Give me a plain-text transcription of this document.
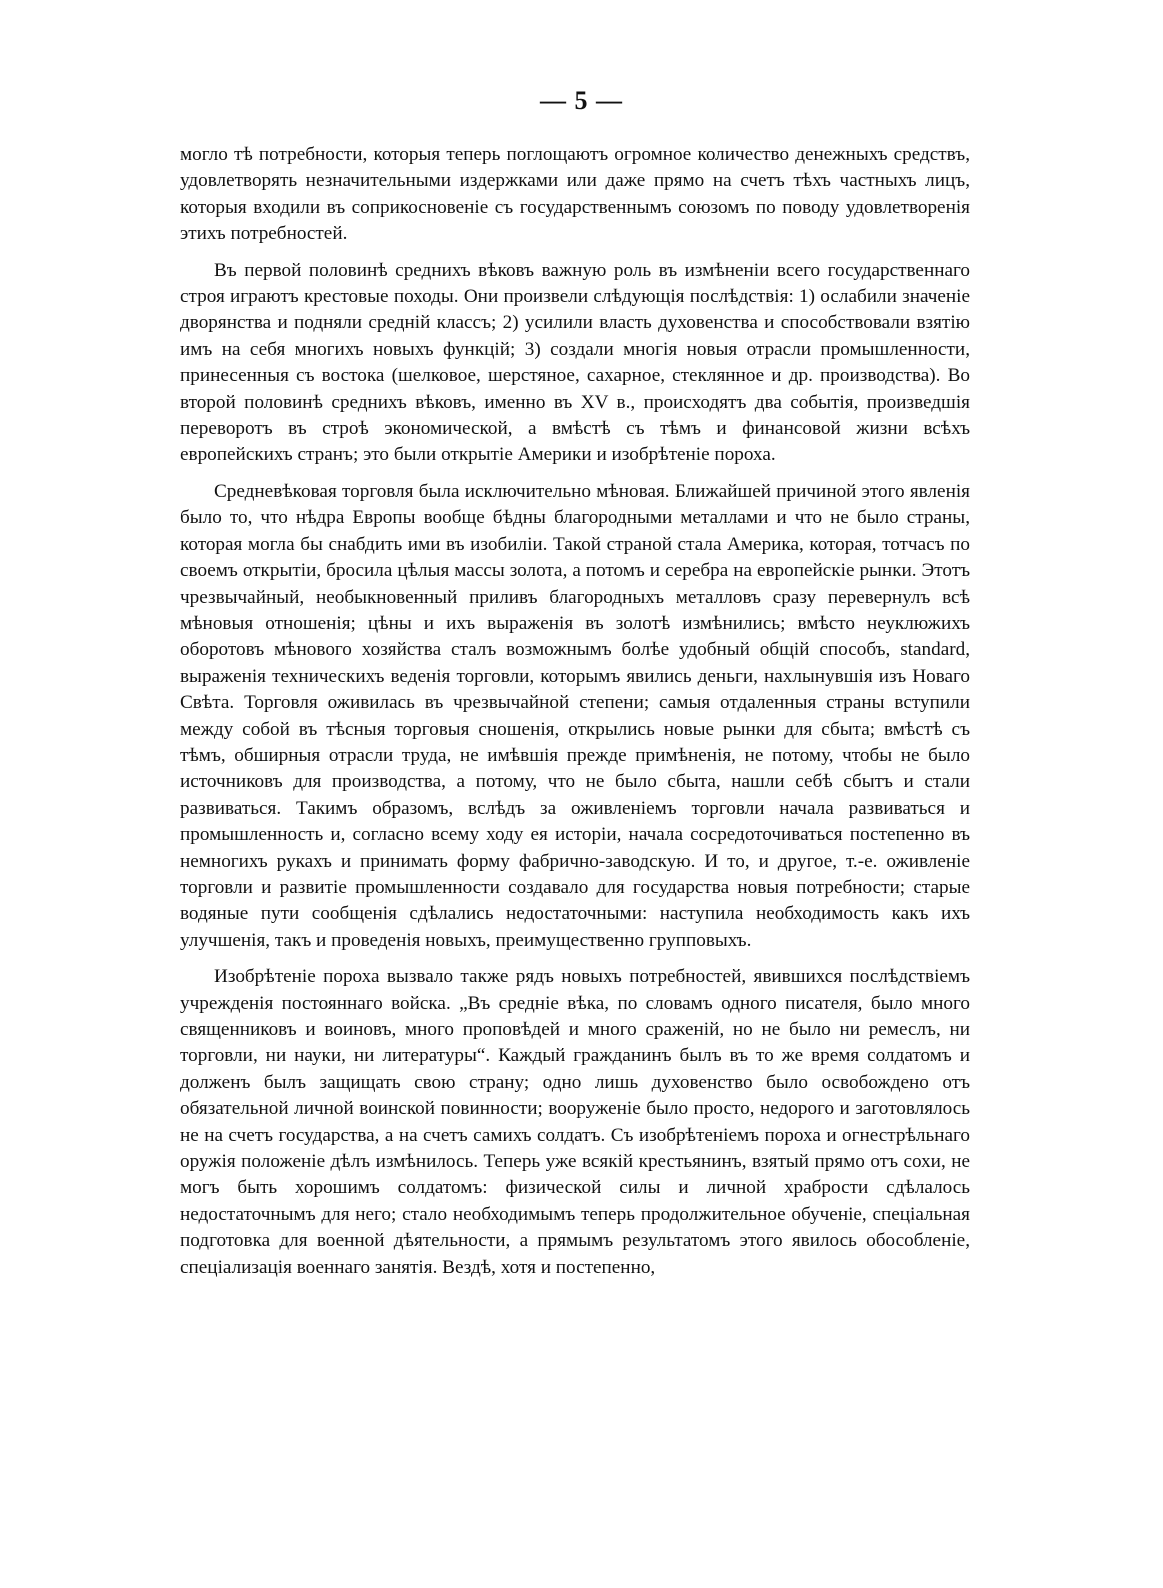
— 5 —

могло тѣ потребности, которыя теперь поглощаютъ огромное количество денежныхъ средствъ, удовлетворять незначительными издержками или даже прямо на счетъ тѣхъ частныхъ лицъ, которыя входили въ соприкосновеніе съ государственнымъ союзомъ по поводу удовлетворенія этихъ потребностей.

Въ первой половинѣ среднихъ вѣковъ важную роль въ измѣненіи всего государственнаго строя играютъ крестовые походы. Они произвели слѣдующія послѣдствія: 1) ослабили значеніе дворянства и подняли средній классъ; 2) усилили власть духовенства и способствовали взятію имъ на себя многихъ новыхъ функцій; 3) создали многія новыя отрасли промышленности, принесенныя съ востока (шелковое, шерстяное, сахарное, стеклянное и др. производства). Во второй половинѣ среднихъ вѣковъ, именно въ XV в., происходятъ два событія, произведшія переворотъ въ строѣ экономической, а вмѣстѣ съ тѣмъ и финансовой жизни всѣхъ европейскихъ странъ; это были открытіе Америки и изобрѣтеніе пороха.

Средневѣковая торговля была исключительно мѣновая. Ближайшей причиной этого явленія было то, что нѣдра Европы вообще бѣдны благородными металлами и что не было страны, которая могла бы снабдить ими въ изобиліи. Такой страной стала Америка, которая, тотчасъ по своемъ открытіи, бросила цѣлыя массы золота, а потомъ и серебра на европейскіе рынки. Этотъ чрезвычайный, необыкновенный приливъ благородныхъ металловъ сразу перевернулъ всѣ мѣновыя отношенія; цѣны и ихъ выраженія въ золотѣ измѣнились; вмѣсто неуклюжихъ оборотовъ мѣнового хозяйства сталъ возможнымъ болѣе удобный общій способъ, standard, выраженія техническихъ веденія торговли, которымъ явились деньги, нахлынувшія изъ Новаго Свѣта. Торговля оживилась въ чрезвычайной степени; самыя отдаленныя страны вступили между собой въ тѣсныя торговыя сношенія, открылись новые рынки для сбыта; вмѣстѣ съ тѣмъ, обширныя отрасли труда, не имѣвшія прежде примѣненія, не потому, чтобы не было источниковъ для производства, а потому, что не было сбыта, нашли себѣ сбытъ и стали развиваться. Такимъ образомъ, вслѣдъ за оживленіемъ торговли начала развиваться и промышленность и, согласно всему ходу ея исторіи, начала сосредоточиваться постепенно въ немногихъ рукахъ и принимать форму фабрично-заводскую. И то, и другое, т.-е. оживленіе торговли и развитіе промышленности создавало для государства новыя потребности; старые водяные пути сообщенія сдѣлались недостаточными: наступила необходимость какъ ихъ улучшенія, такъ и проведенія новыхъ, преимущественно групповыхъ.

Изобрѣтеніе пороха вызвало также рядъ новыхъ потребностей, явившихся послѣдствіемъ учрежденія постояннаго войска. „Въ средніе вѣка, по словамъ одного писателя, было много священниковъ и воиновъ, много проповѣдей и много сраженій, но не было ни ремеслъ, ни торговли, ни науки, ни литературы“. Каждый гражданинъ былъ въ то же время солдатомъ и долженъ былъ защищать свою страну; одно лишь духовенство было освобождено отъ обязательной личной воинской повинности; вооруженіе было просто, недорого и заготовлялось не на счетъ государства, а на счетъ самихъ солдатъ. Съ изобрѣтеніемъ пороха и огнестрѣльнаго оружія положеніе дѣлъ измѣнилось. Теперь уже всякій крестьянинъ, взятый прямо отъ сохи, не могъ быть хорошимъ солдатомъ: физической силы и личной храбрости сдѣлалось недостаточнымъ для него; стало необходимымъ теперь продолжительное обученіе, спеціальная подготовка для военной дѣятельности, а прямымъ результатомъ этого явилось обособленіе, спеціализація военнаго занятія. Вездѣ, хотя и постепенно,
